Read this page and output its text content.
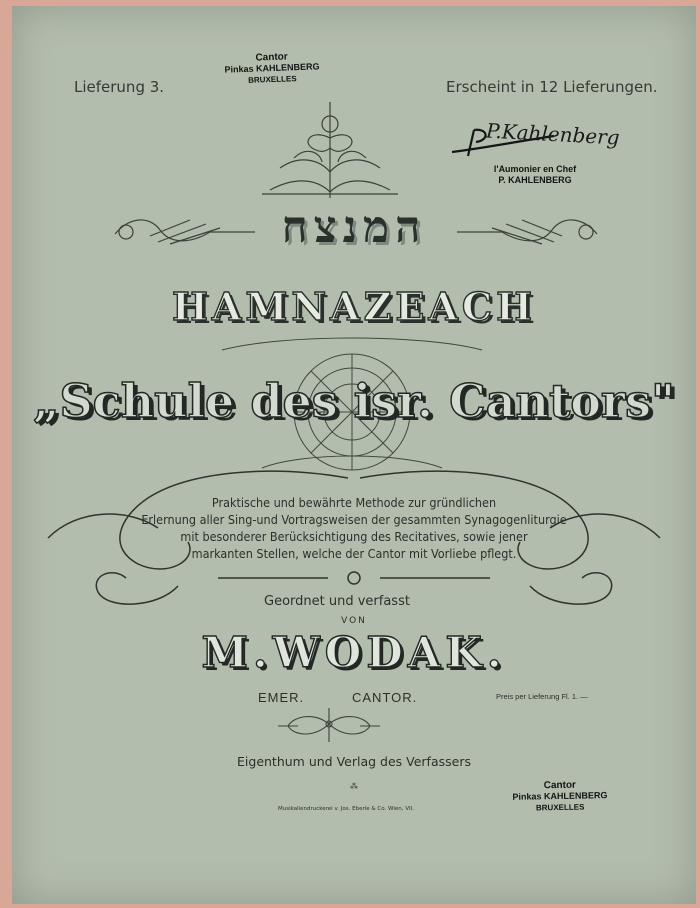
Lieferung 3.	Erscheint in 12 Lieferungen.
Cantor
Pinkas KAHLENBERG
BRUXELLES
P.Kahlenberg
l'Aumonier en Chef
P. KAHLENBERG
המנצח
HAMNAZEACH
„Schule des isr. Cantors"
Praktische und bewährte Methode zur gründlichen
Erlernung aller Sing-und Vortragsweisen der gesammten Synagogenliturgie
mit besonderer Berücksichtigung des Recitatives, sowie jener
markanten Stellen, welche der Cantor mit Vorliebe pflegt.
Geordnet und verfasst
VON
M.WODAK.
EMER.	CANTOR.	Preis per Lieferung Fl. 1. —
Eigenthum und Verlag des Verfassers
⁂
Musikaliendruckerei v. Jos. Eberle & Co. Wien, VII.
Cantor
Pinkas KAHLENBERG
BRUXELLES
